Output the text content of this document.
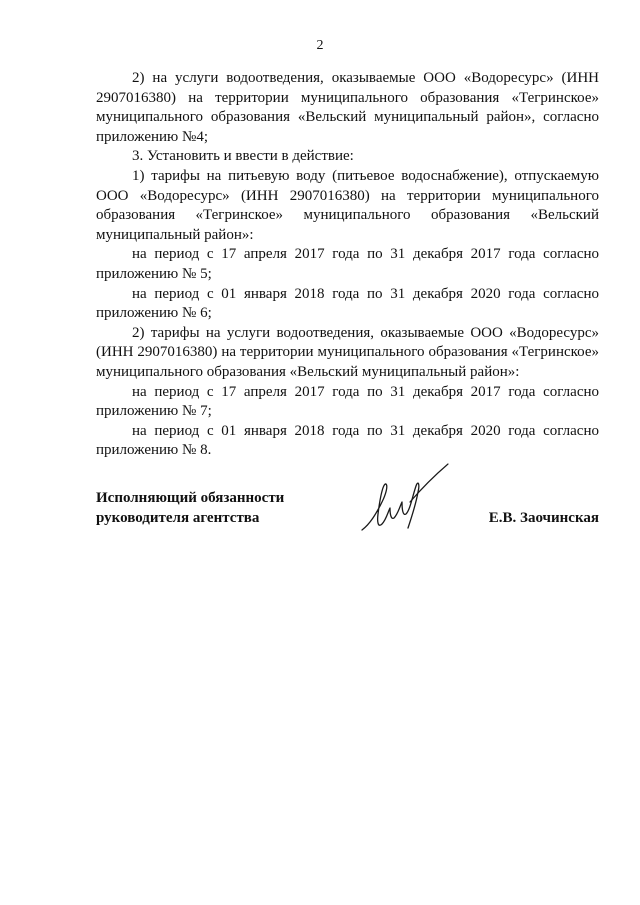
2

2) на услуги водоотведения, оказываемые ООО «Водоресурс» (ИНН 2907016380) на территории муниципального образования «Тегринское» муниципального образования «Вельский муниципальный район», согласно приложению №4;

3. Установить и ввести в действие:

1) тарифы на питьевую воду (питьевое водоснабжение), отпускаемую ООО «Водоресурс» (ИНН 2907016380) на территории муниципального образования «Тегринское» муниципального образования «Вельский муниципальный район»:

на период с 17 апреля 2017 года по 31 декабря 2017 года согласно приложению № 5;

на период с 01 января 2018 года по 31 декабря 2020 года согласно приложению № 6;

2) тарифы на услуги водоотведения, оказываемые ООО «Водоресурс» (ИНН 2907016380) на территории муниципального образования «Тегринское» муниципального образования «Вельский муниципальный район»:

на период с 17 апреля 2017 года по 31 декабря 2017 года согласно приложению № 7;

на период с 01 января 2018 года по 31 декабря 2020 года согласно приложению № 8.

Исполняющий обязанности
руководителя агентства	Е.В. Заочинская
